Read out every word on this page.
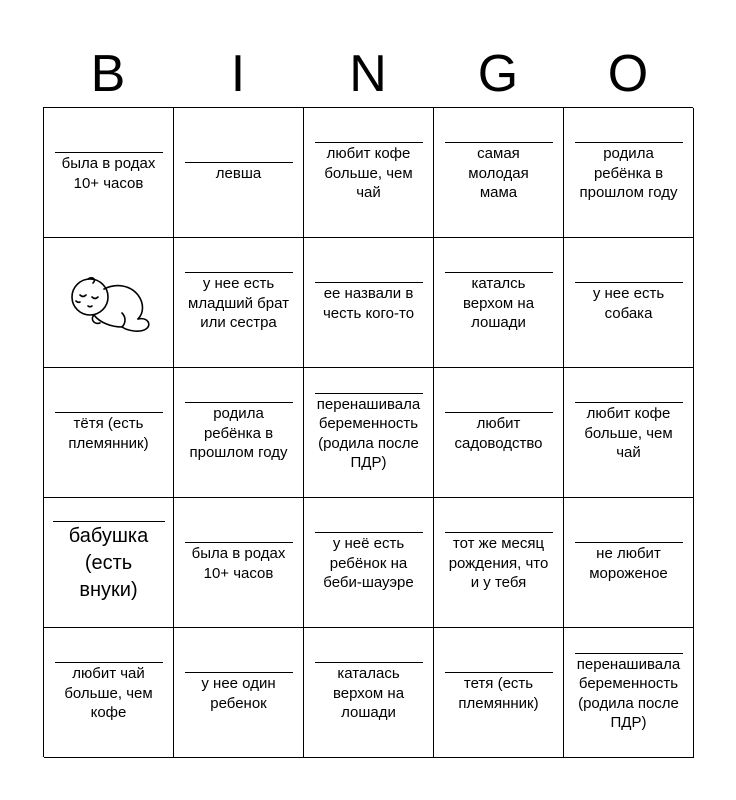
B	I	N	G	O
была в родах
10+ часов
левша
любит кофе
больше, чем
чай
самая
молодая
мама
родила
ребёнка в
прошлом году
у нее есть
младший брат
или сестра
ее назвали в
честь кого-то
каталсь
верхом на
лошади
у нее есть
собака
тётя (есть
племянник)
родила
ребёнка в
прошлом году
перенашивала
беременность
(родила после
ПДР)
любит
садоводство
любит кофе
больше, чем
чай
бабушка
(есть
внуки)
была в родах
10+ часов
у неё есть
ребёнок на
беби-шауэре
тот же месяц
рождения, что
и у тебя
не любит
мороженое
любит чай
больше, чем
кофе
у нее один
ребенок
каталась
верхом на
лошади
тетя (есть
племянник)
перенашивала
беременность
(родила после
ПДР)
